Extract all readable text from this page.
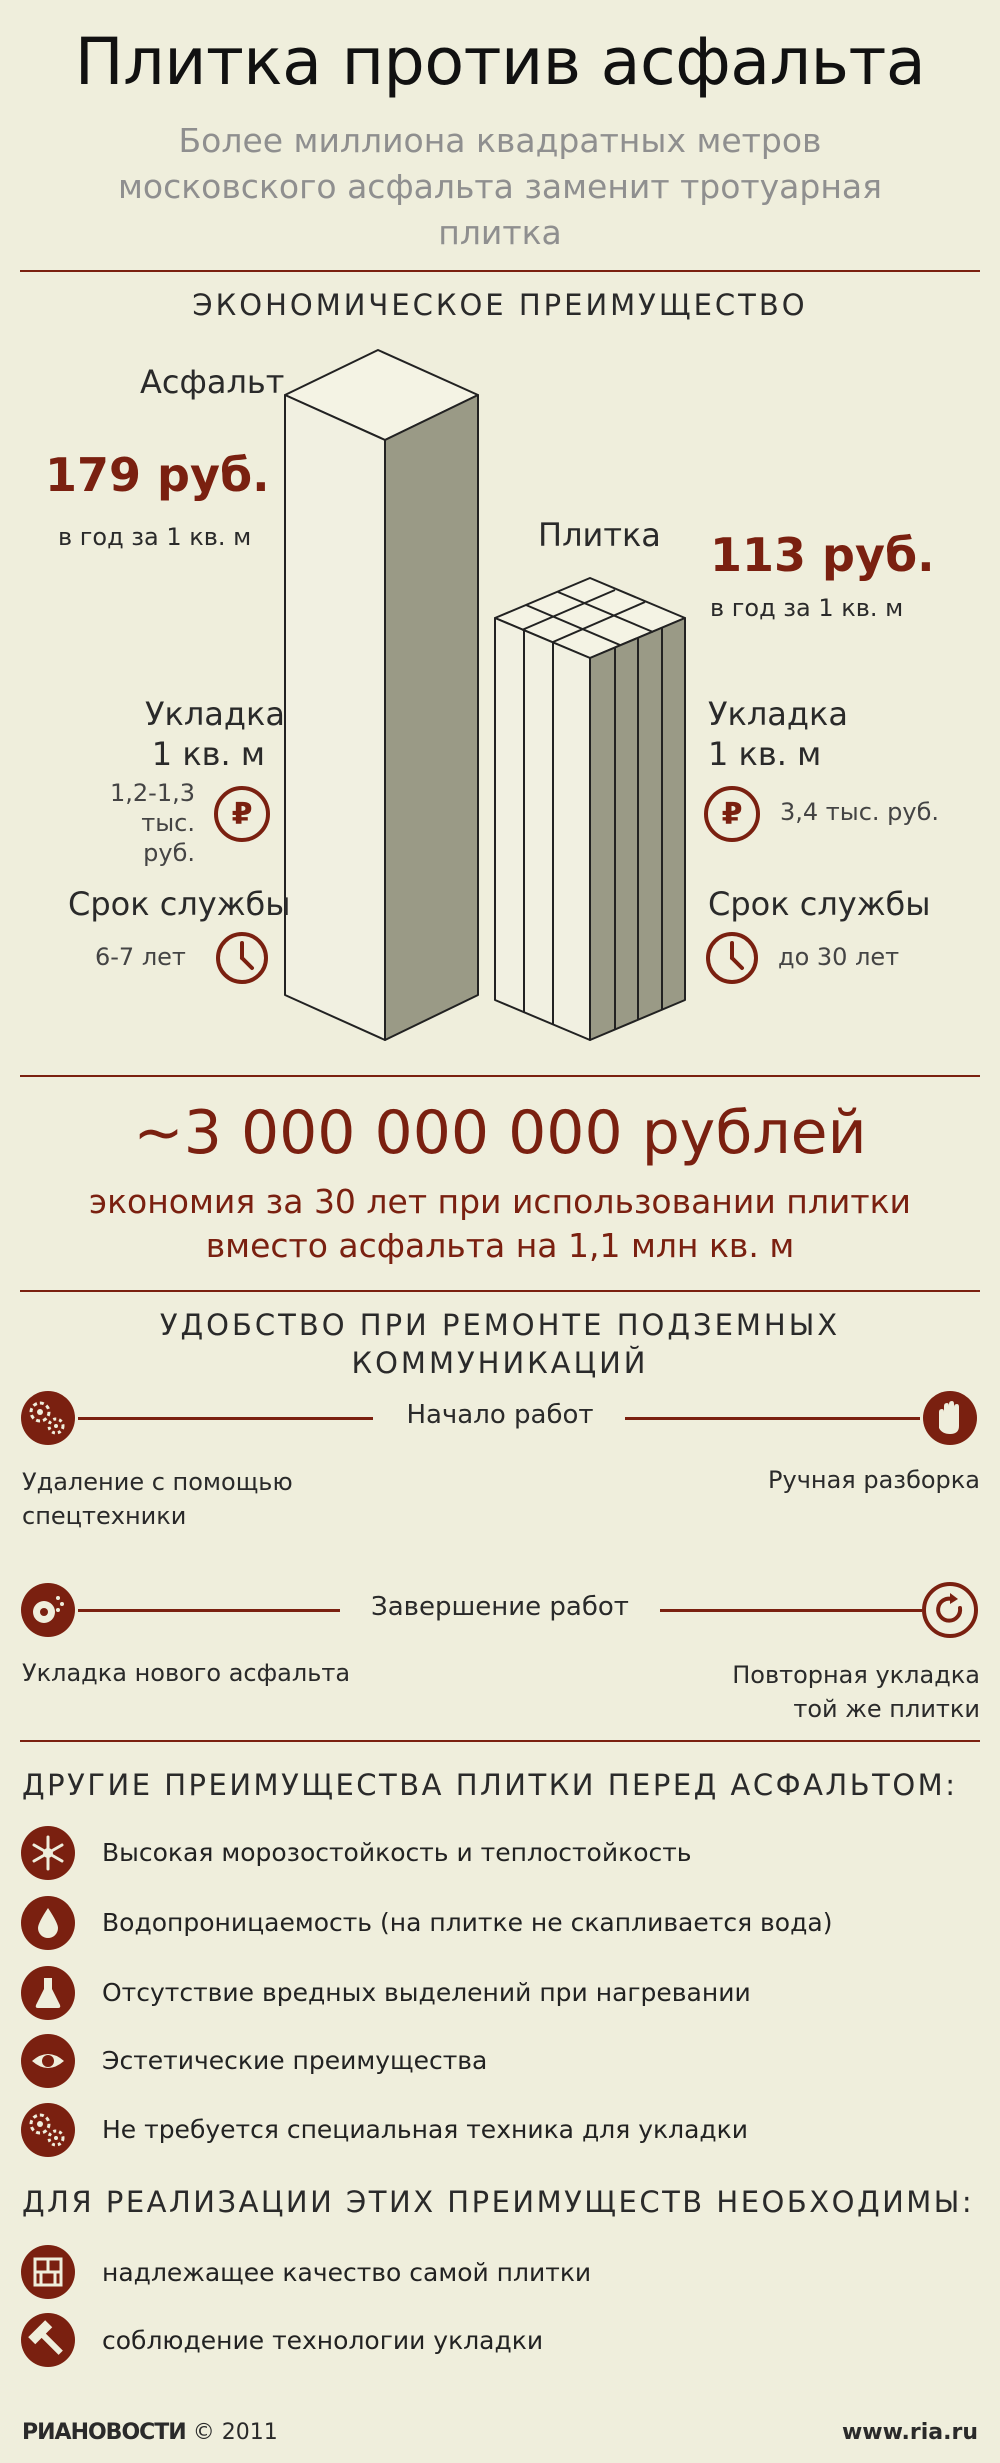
Плитка против асфальта
Более миллиона квадратных метров
московского асфальта заменит тротуарная
плитка
ЭКОНОМИЧЕСКОЕ ПРЕИМУЩЕСТВО
Асфальт
179 руб.
в год за 1 кв. м
Укладка
1 кв. м
1,2-1,3
тыс. руб.
₽
Срок службы
6-7 лет
Плитка 113 руб.
в год за 1 кв. м
Укладка
1 кв. м
₽	3,4 тыс. руб.
Срок службы
до 30 лет
~3 000 000 000 рублей
экономия за 30 лет при использовании плитки
вместо асфальта на 1,1 млн кв. м
УДОБСТВО ПРИ РЕМОНТЕ ПОДЗЕМНЫХ
КОММУНИКАЦИЙ
Начало работ
Удаление с помощью
спецтехники
Ручная разборка
Завершение работ
Укладка нового асфальта	Повторная укладка
той же плитки
ДРУГИЕ ПРЕИМУЩЕСТВА ПЛИТКИ ПЕРЕД АСФАЛЬТОМ:
Высокая морозостойкость и теплостойкость
Водопроницаемость (на плитке не скапливается вода)
Отсутствие вредных выделений при нагревании
Эстетические преимущества
Не требуется специальная техника для укладки
ДЛЯ РЕАЛИЗАЦИИ ЭТИХ ПРЕИМУЩЕСТВ НЕОБХОДИМЫ:
надлежащее качество самой плитки
соблюдение технологии укладки
РИАНОВОСТИ © 2011	www.ria.ru
